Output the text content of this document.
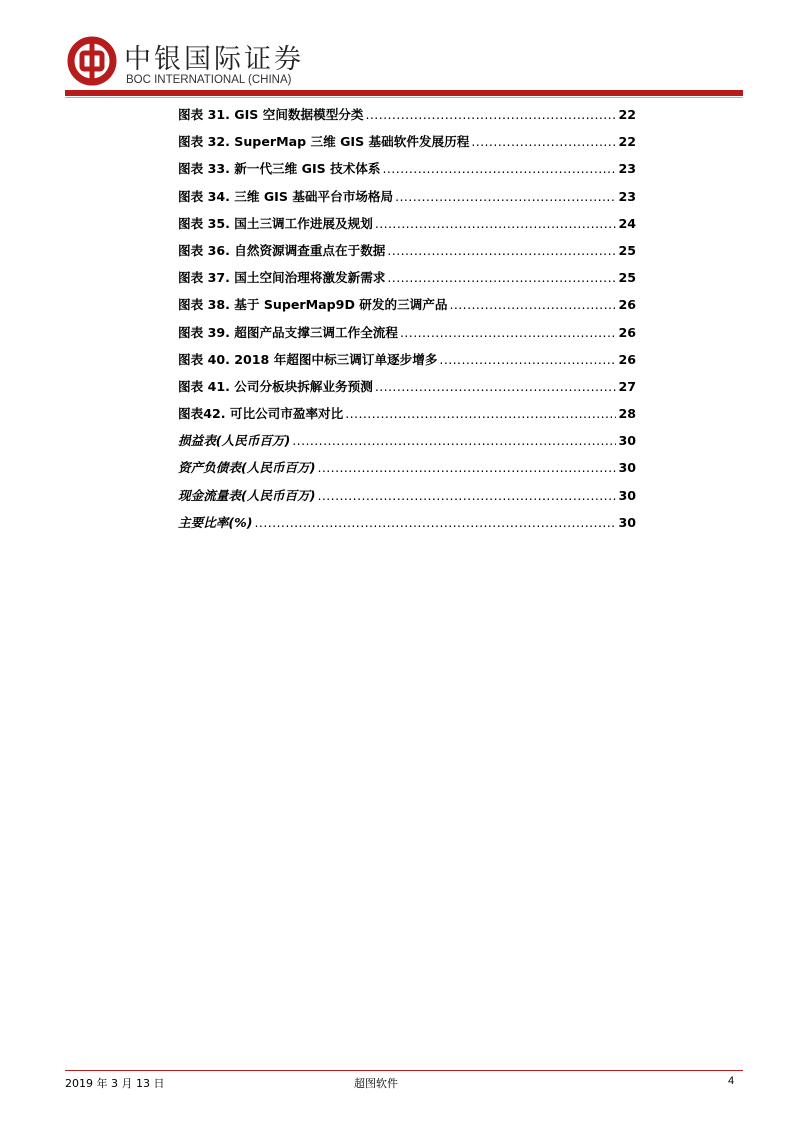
中银国际证券
BOC INTERNATIONAL (CHINA)
图表 31. GIS 空间数据模型分类 .....	22
图表 32. SuperMap 三维 GIS 基础软件发展历程 .....	22
图表 33. 新一代三维 GIS 技术体系 .....	23
图表 34. 三维 GIS 基础平台市场格局 .....	23
图表 35. 国土三调工作进展及规划 .....	24
图表 36. 自然资源调查重点在于数据 .....	25
图表 37. 国土空间治理将激发新需求 .....	25
图表 38. 基于 SuperMap9D 研发的三调产品 .....	26
图表 39. 超图产品支撑三调工作全流程 .....	26
图表 40. 2018 年超图中标三调订单逐步增多 .....	26
图表 41. 公司分板块拆解业务预测 .....	27
图表42. 可比公司市盈率对比 .....	28
损益表(人民币百万) .....	30
资产负债表(人民币百万) .....	30
现金流量表(人民币百万) .....	30
主要比率(%) .....	30
2019 年 3 月 13 日	超图软件	4
